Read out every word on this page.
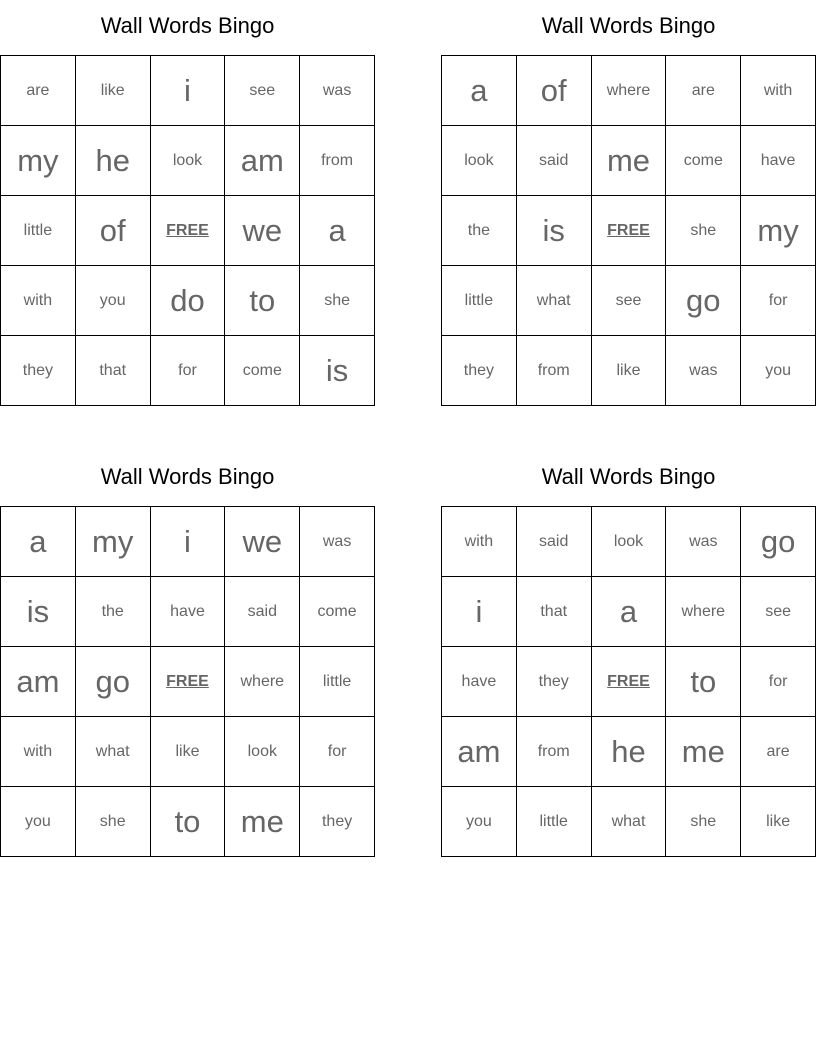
Wall Words Bingo
are	like	i	see	was
my	he	look	am	from
little	of	FREE	we	a
with	you	do	to	she
they	that	for	come	is
Wall Words Bingo
a	of	where	are	with
look	said	me	come	have
the	is	FREE	she	my
little	what	see	go	for
they	from	like	was	you
Wall Words Bingo
a	my	i	we	was
is	the	have	said	come
am	go	FREE	where	little
with	what	like	look	for
you	she	to	me	they
Wall Words Bingo
with	said	look	was	go
i	that	a	where	see
have	they	FREE	to	for
am	from	he	me	are
you	little	what	she	like
